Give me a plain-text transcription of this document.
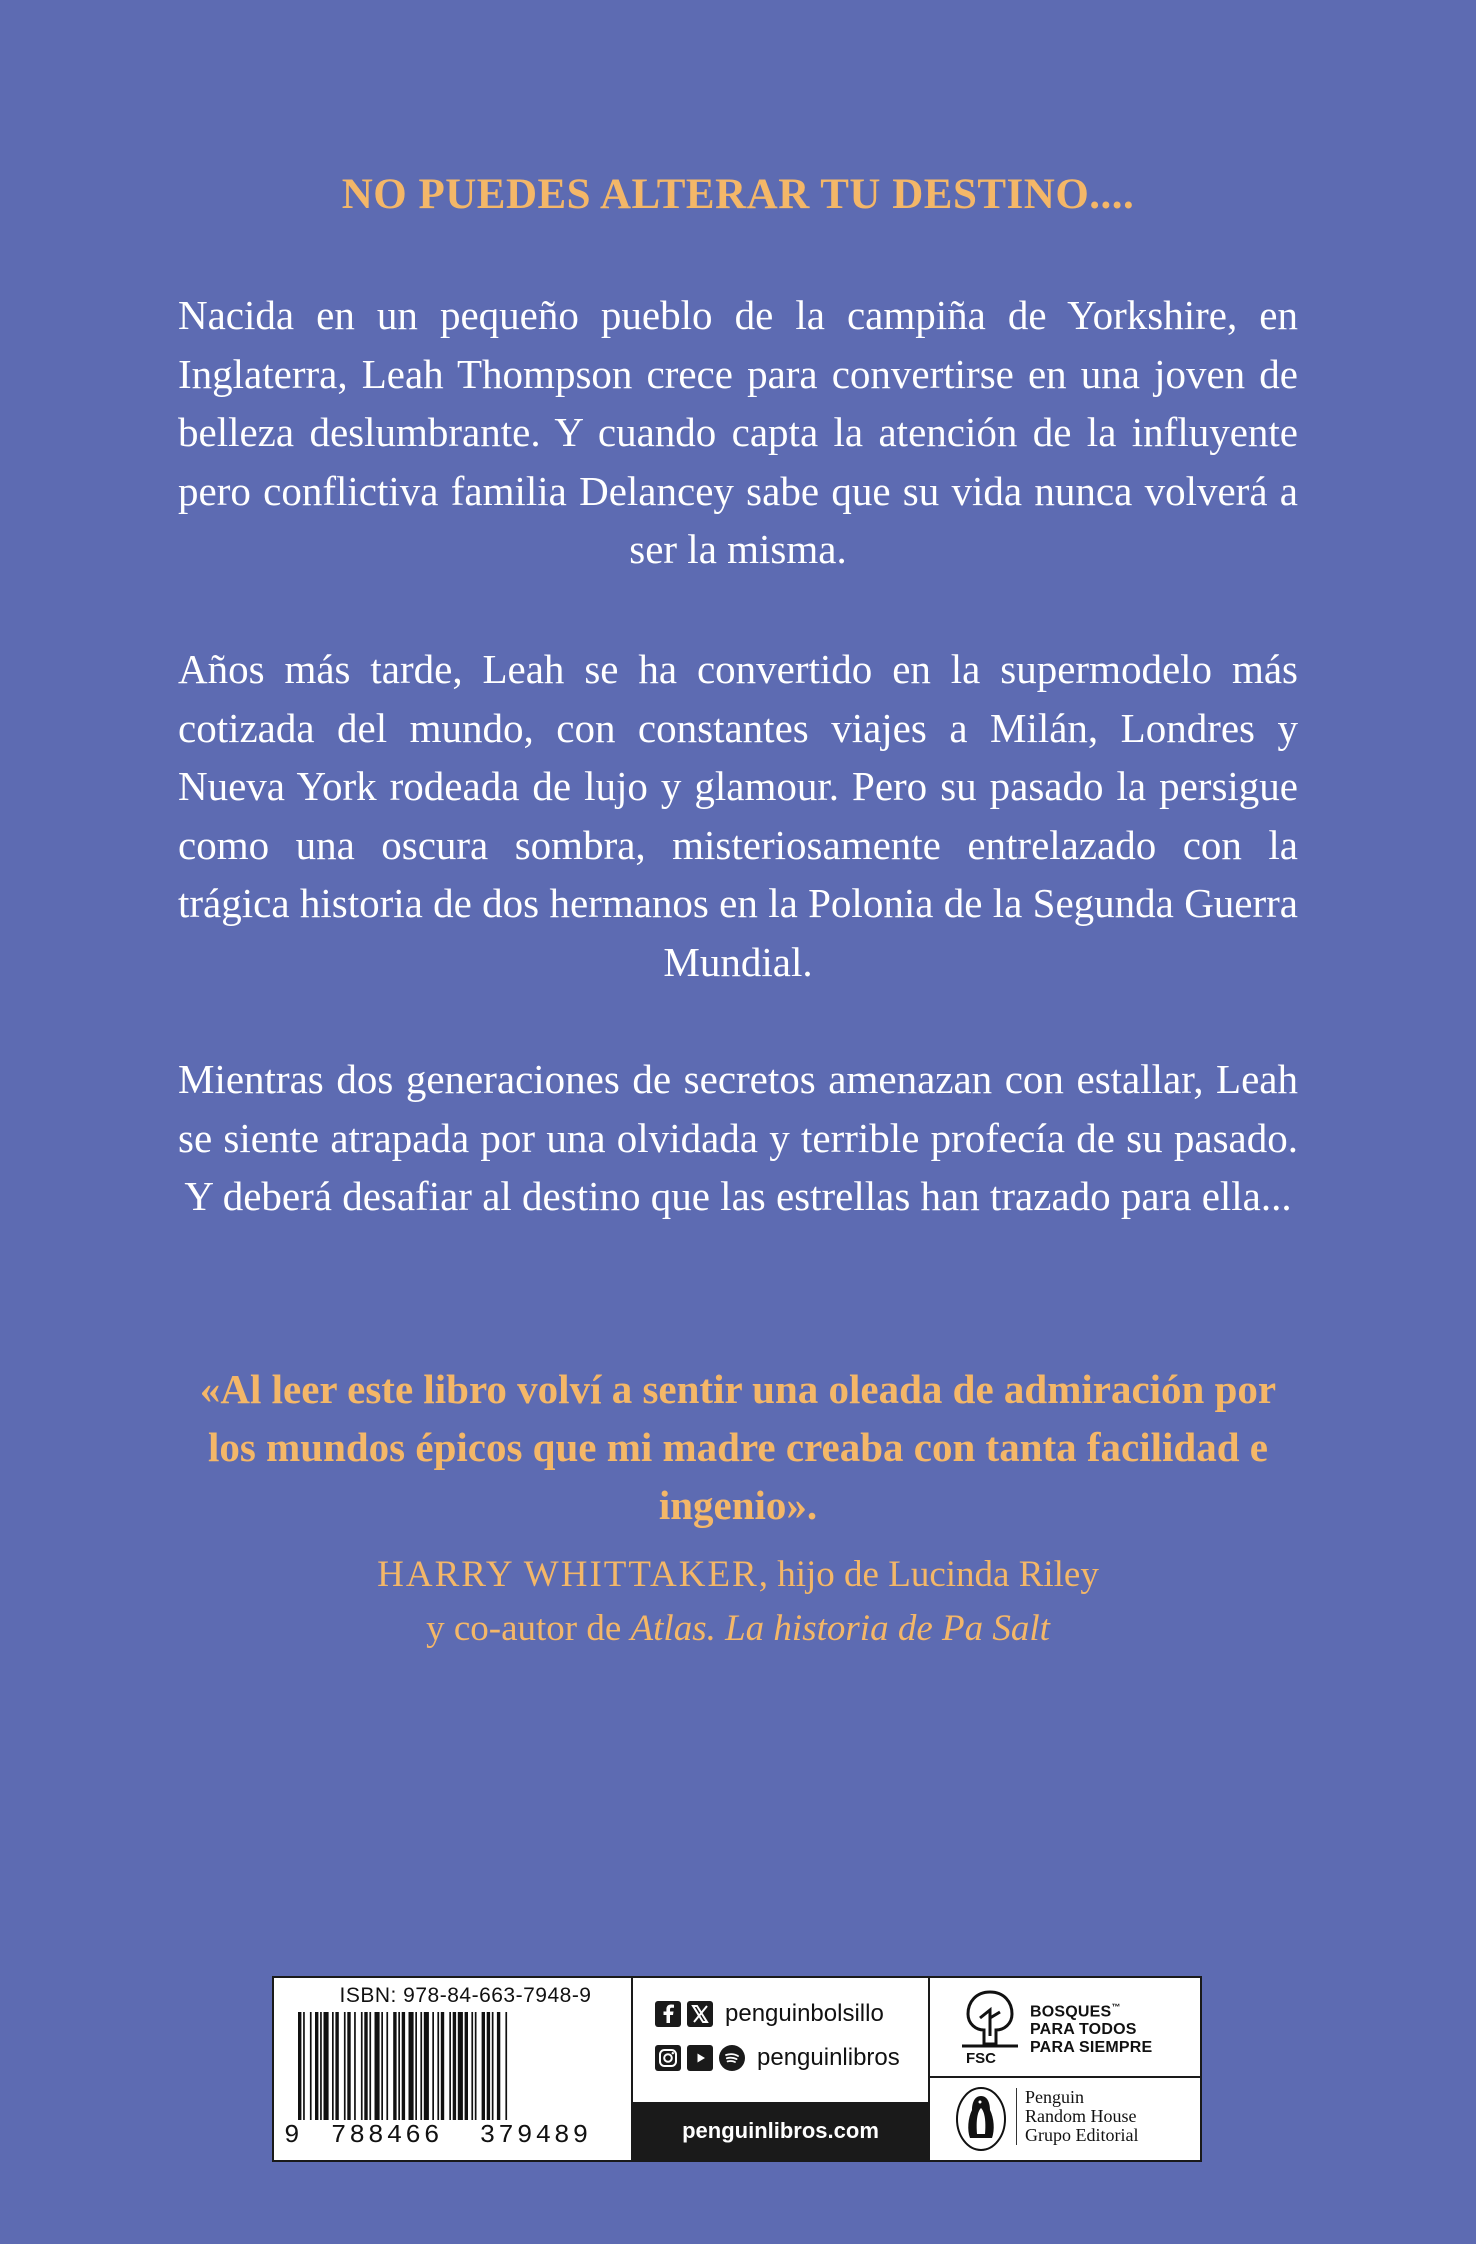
NO PUEDES ALTERAR TU DESTINO....
Nacida en un pequeño pueblo de la campiña de Yorkshire, en Inglaterra, Leah Thompson crece para convertirse en una joven de belleza deslumbrante. Y cuando capta la atención de la influyente pero conflictiva familia Delancey sabe que su vida nunca volverá a ser la misma.
Años más tarde, Leah se ha convertido en la supermodelo más cotizada del mundo, con constantes viajes a Milán, Londres y Nueva York rodeada de lujo y glamour. Pero su pasado la persigue como una oscura sombra, misteriosamente entrelazado con la trágica historia de dos hermanos en la Polonia de la Segunda Guerra Mundial.
Mientras dos generaciones de secretos amenazan con estallar, Leah se siente atrapada por una olvidada y terrible profecía de su pasado. Y deberá desafiar al destino que las estrellas han trazado para ella...
«Al leer este libro volví a sentir una oleada de admiración por los mundos épicos que mi madre creaba con tanta facilidad e ingenio».
HARRY WHITTAKER, hijo de Lucinda Riley
y co-autor de Atlas. La historia de Pa Salt
ISBN: 978-84-663-7948-9
9 788466  379489
penguinbolsillo
penguinlibros
penguinlibros.com
FSC
BOSQUES™
PARA TODOS
PARA SIEMPRE
Penguin
Random House
Grupo Editorial
